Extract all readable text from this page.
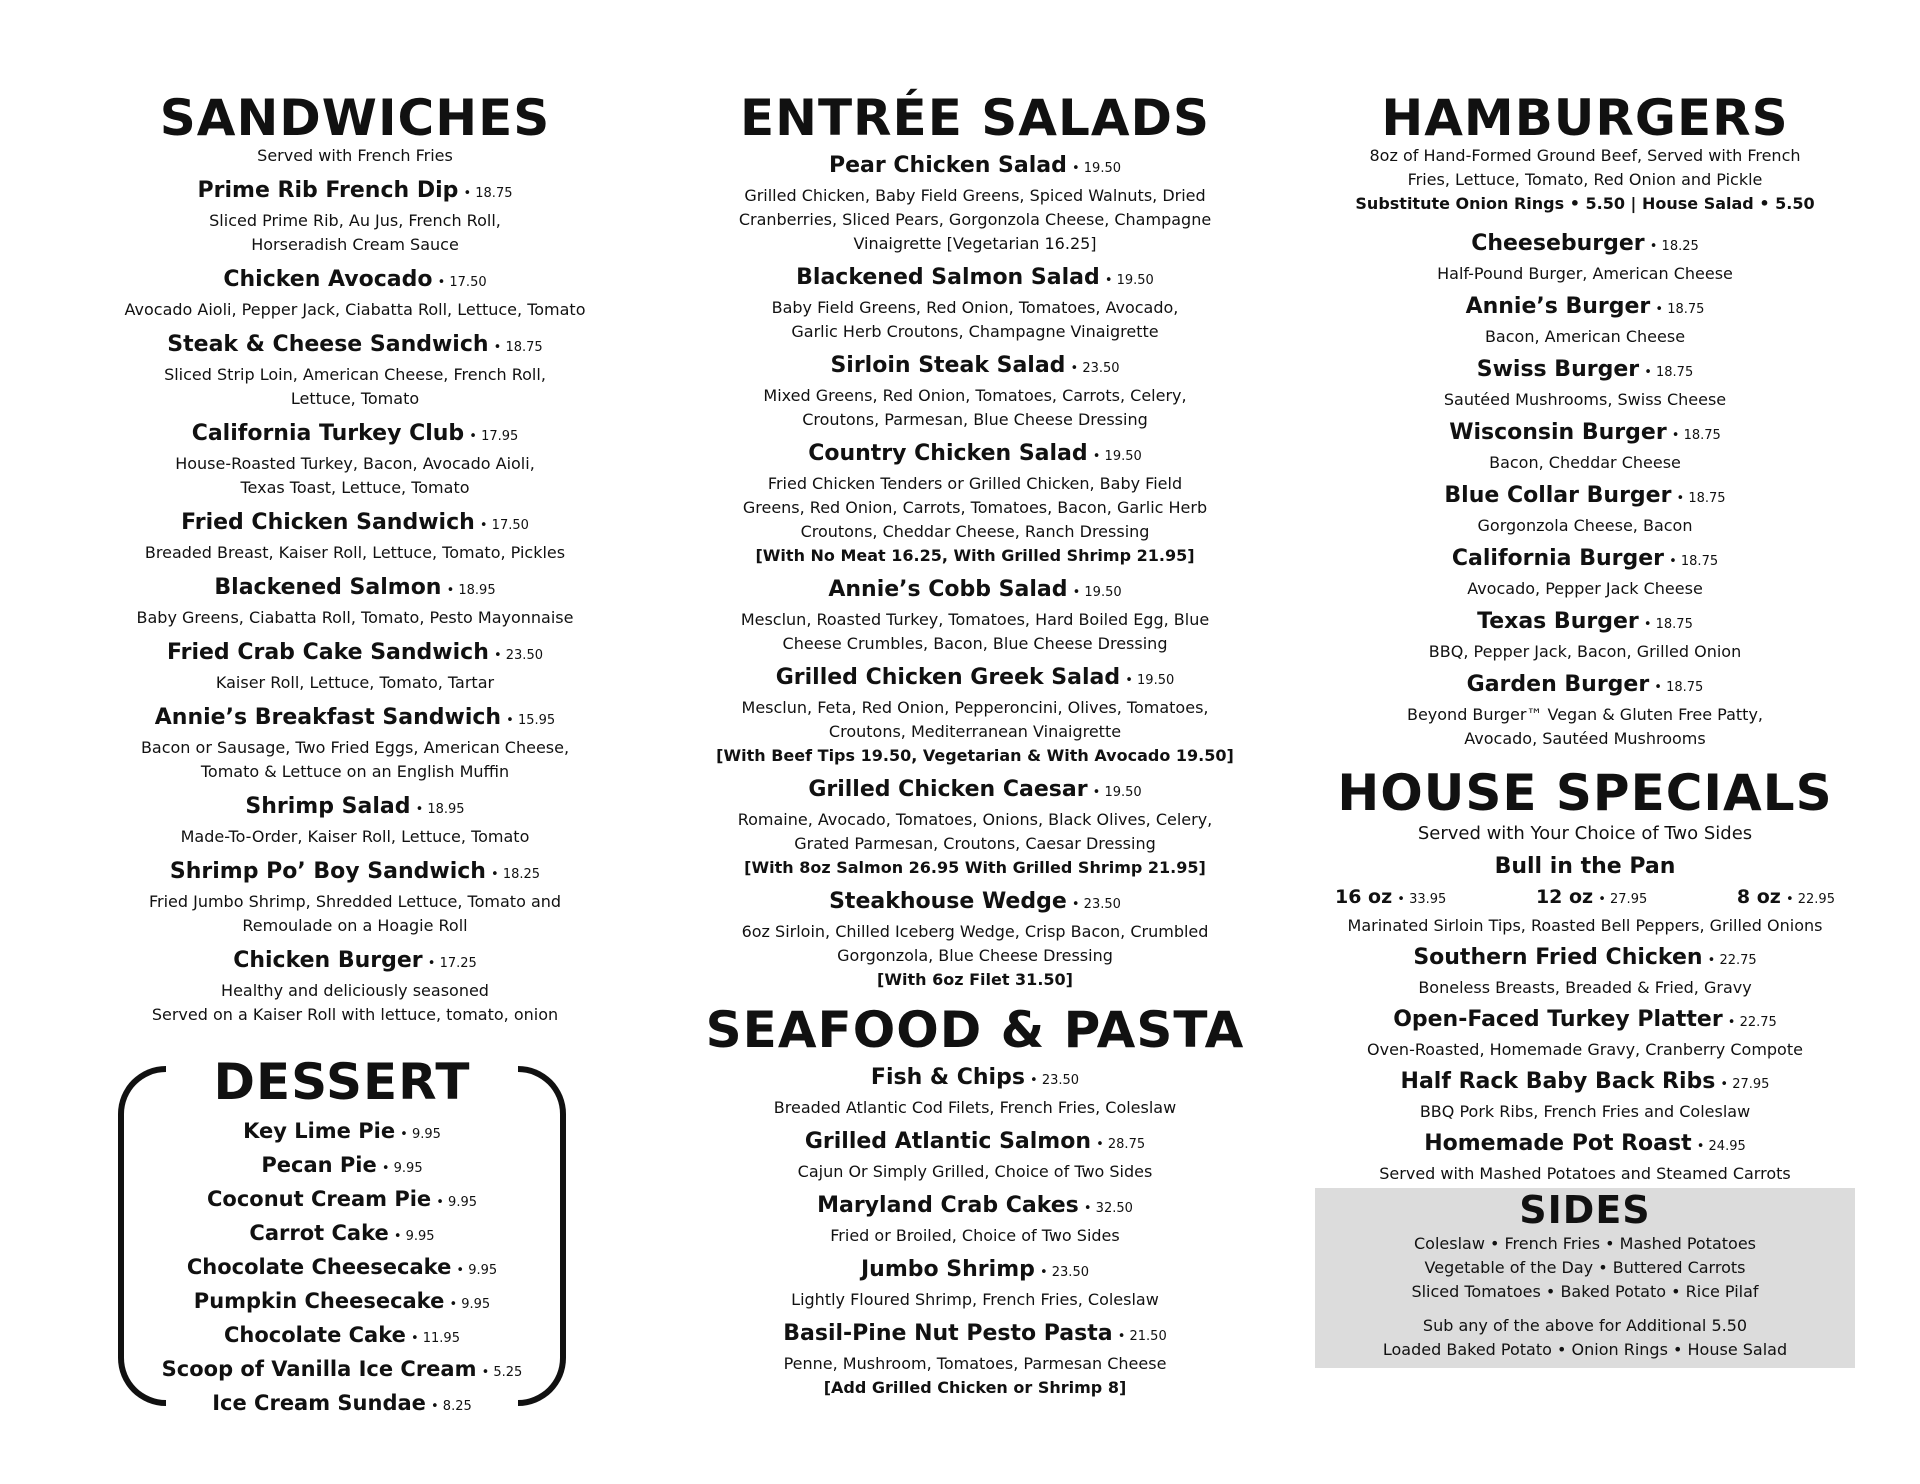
SANDWICHES

Served with French Fries

Prime Rib French Dip • 18.75
Sliced Prime Rib, Au Jus, French Roll,
Horseradish Cream Sauce
Chicken Avocado • 17.50
Avocado Aioli, Pepper Jack, Ciabatta Roll, Lettuce, Tomato
Steak & Cheese Sandwich • 18.75
Sliced Strip Loin, American Cheese, French Roll,
Lettuce, Tomato
California Turkey Club • 17.95
House-Roasted Turkey, Bacon, Avocado Aioli,
Texas Toast, Lettuce, Tomato
Fried Chicken Sandwich • 17.50
Breaded Breast, Kaiser Roll, Lettuce, Tomato, Pickles
Blackened Salmon • 18.95
Baby Greens, Ciabatta Roll, Tomato, Pesto Mayonnaise
Fried Crab Cake Sandwich • 23.50
Kaiser Roll, Lettuce, Tomato, Tartar
Annie’s Breakfast Sandwich • 15.95
Bacon or Sausage, Two Fried Eggs, American Cheese,
Tomato & Lettuce on an English Muffin
Shrimp Salad • 18.95
Made-To-Order, Kaiser Roll, Lettuce, Tomato
Shrimp Po’ Boy Sandwich • 18.25
Fried Jumbo Shrimp, Shredded Lettuce, Tomato and
Remoulade on a Hoagie Roll
Chicken Burger • 17.25
Healthy and deliciously seasoned
Served on a Kaiser Roll with lettuce, tomato, onion
DESSERT
Key Lime Pie • 9.95
Pecan Pie • 9.95
Coconut Cream Pie • 9.95
Carrot Cake • 9.95
Chocolate Cheesecake • 9.95
Pumpkin Cheesecake • 9.95
Chocolate Cake • 11.95
Scoop of Vanilla Ice Cream • 5.25
Ice Cream Sundae • 8.25
ENTRÉE SALADS
Pear Chicken Salad • 19.50
Grilled Chicken, Baby Field Greens, Spiced Walnuts, Dried
Cranberries, Sliced Pears, Gorgonzola Cheese, Champagne
Vinaigrette [Vegetarian 16.25]
Blackened Salmon Salad • 19.50
Baby Field Greens, Red Onion, Tomatoes, Avocado,
Garlic Herb Croutons, Champagne Vinaigrette
Sirloin Steak Salad • 23.50
Mixed Greens, Red Onion, Tomatoes, Carrots, Celery,
Croutons, Parmesan, Blue Cheese Dressing
Country Chicken Salad • 19.50
Fried Chicken Tenders or Grilled Chicken, Baby Field
Greens, Red Onion, Carrots, Tomatoes, Bacon, Garlic Herb
Croutons, Cheddar Cheese, Ranch Dressing
[With No Meat 16.25, With Grilled Shrimp 21.95]
Annie’s Cobb Salad • 19.50
Mesclun, Roasted Turkey, Tomatoes, Hard Boiled Egg, Blue
Cheese Crumbles, Bacon, Blue Cheese Dressing
Grilled Chicken Greek Salad • 19.50
Mesclun, Feta, Red Onion, Pepperoncini, Olives, Tomatoes,
Croutons, Mediterranean Vinaigrette
[With Beef Tips 19.50, Vegetarian & With Avocado 19.50]
Grilled Chicken Caesar • 19.50
Romaine, Avocado, Tomatoes, Onions, Black Olives, Celery,
Grated Parmesan, Croutons, Caesar Dressing
[With 8oz Salmon 26.95 With Grilled Shrimp 21.95]
Steakhouse Wedge • 23.50
6oz Sirloin, Chilled Iceberg Wedge, Crisp Bacon, Crumbled
Gorgonzola, Blue Cheese Dressing
[With 6oz Filet 31.50]
SEAFOOD & PASTA
Fish & Chips • 23.50
Breaded Atlantic Cod Filets, French Fries, Coleslaw
Grilled Atlantic Salmon • 28.75
Cajun Or Simply Grilled, Choice of Two Sides
Maryland Crab Cakes • 32.50
Fried or Broiled, Choice of Two Sides
Jumbo Shrimp • 23.50
Lightly Floured Shrimp, French Fries, Coleslaw
Basil-Pine Nut Pesto Pasta • 21.50
Penne, Mushroom, Tomatoes, Parmesan Cheese
[Add Grilled Chicken or Shrimp 8]
HAMBURGERS

8oz of Hand-Formed Ground Beef, Served with French

Fries, Lettuce, Tomato, Red Onion and Pickle

Substitute Onion Rings • 5.50 | House Salad • 5.50

Cheeseburger • 18.25
Half-Pound Burger, American Cheese
Annie’s Burger • 18.75
Bacon, American Cheese
Swiss Burger • 18.75
Sautéed Mushrooms, Swiss Cheese
Wisconsin Burger • 18.75
Bacon, Cheddar Cheese
Blue Collar Burger • 18.75
Gorgonzola Cheese, Bacon
California Burger • 18.75
Avocado, Pepper Jack Cheese
Texas Burger • 18.75
BBQ, Pepper Jack, Bacon, Grilled Onion
Garden Burger • 18.75
Beyond Burger™ Vegan & Gluten Free Patty,
Avocado, Sautéed Mushrooms
HOUSE SPECIALS

Served with Your Choice of Two Sides

Bull in the Pan
16 oz • 33.95	12 oz • 27.95	8 oz • 22.95
Marinated Sirloin Tips, Roasted Bell Peppers, Grilled Onions
Southern Fried Chicken • 22.75
Boneless Breasts, Breaded & Fried, Gravy
Open-Faced Turkey Platter • 22.75
Oven-Roasted, Homemade Gravy, Cranberry Compote
Half Rack Baby Back Ribs • 27.95
BBQ Pork Ribs, French Fries and Coleslaw
Homemade Pot Roast • 24.95
Served with Mashed Potatoes and Steamed Carrots
SIDES
Coleslaw • French Fries • Mashed Potatoes
Vegetable of the Day • Buttered Carrots
Sliced Tomatoes • Baked Potato • Rice Pilaf
Sub any of the above for Additional 5.50
Loaded Baked Potato • Onion Rings • House Salad
